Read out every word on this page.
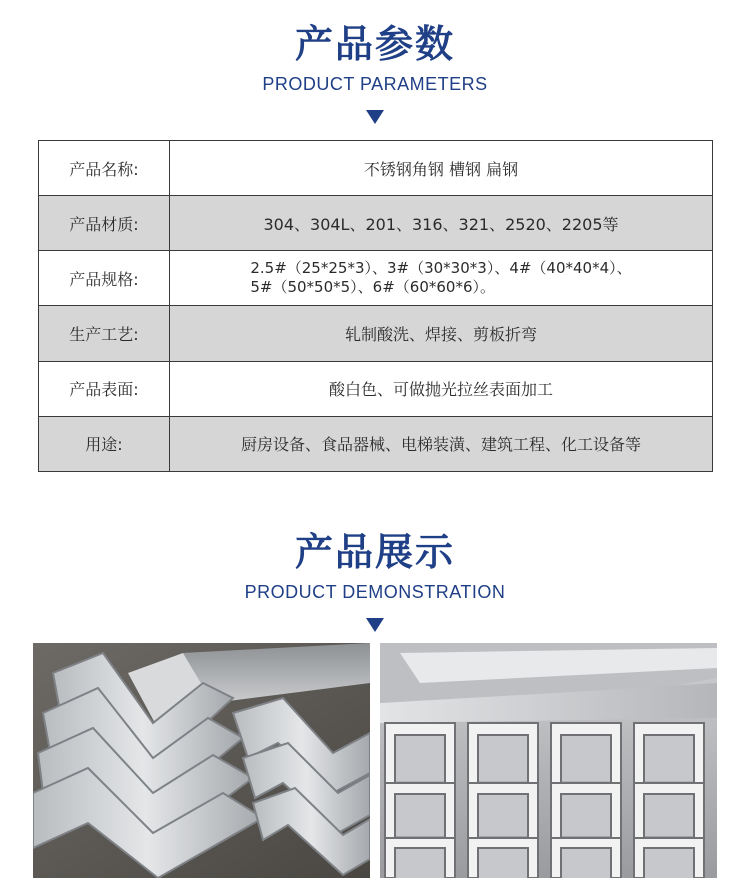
产品参数
PRODUCT PARAMETERS
产品名称:	不锈钢角钢 槽钢 扁钢
产品材质:	304、304L、201、316、321、2520、2205等
产品规格:	2.5#（25*25*3）、3#（30*30*3）、4#（40*40*4）、
5#（50*50*5）、6#（60*60*6）。
生产工艺:	轧制酸洗、焊接、剪板折弯
产品表面:	酸白色、可做抛光拉丝表面加工
用途:	厨房设备、食品器械、电梯装潢、建筑工程、化工设备等
产品展示
PRODUCT DEMONSTRATION
